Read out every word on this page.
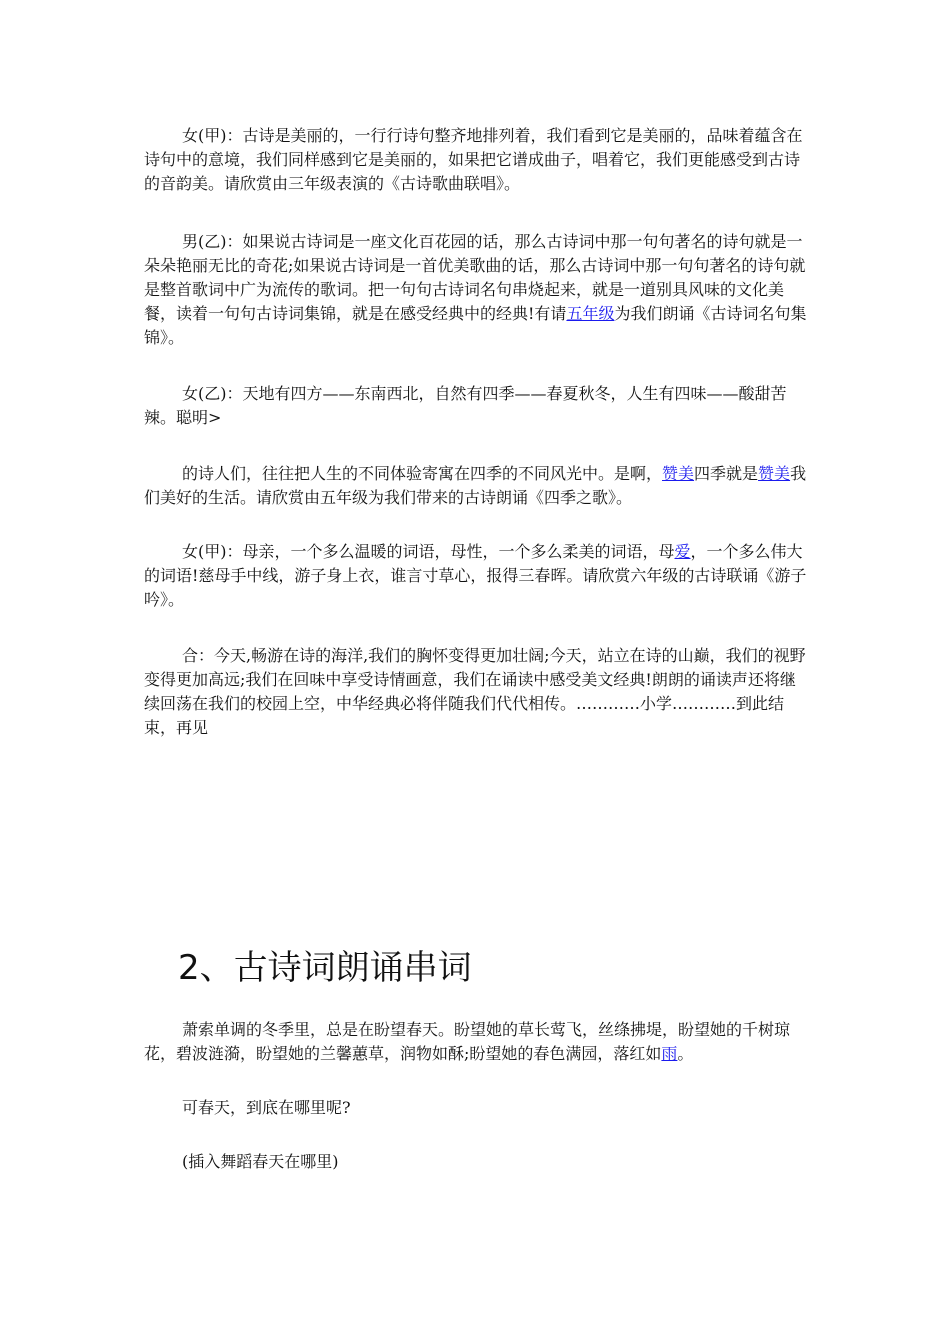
女(甲)：古诗是美丽的，一行行诗句整齐地排列着，我们看到它是美丽的，品味着蕴含在诗句中的意境，我们同样感到它是美丽的，如果把它谱成曲子，唱着它，我们更能感受到古诗的音韵美。请欣赏由三年级表演的《古诗歌曲联唱》。

男(乙)：如果说古诗词是一座文化百花园的话，那么古诗词中那一句句著名的诗句就是一朵朵艳丽无比的奇花;如果说古诗词是一首优美歌曲的话，那么古诗词中那一句句著名的诗句就是整首歌词中广为流传的歌词。把一句句古诗词名句串烧起来，就是一道别具风味的文化美餐，读着一句句古诗词集锦，就是在感受经典中的经典!有请五年级为我们朗诵《古诗词名句集锦》。

女(乙)：天地有四方——东南西北，自然有四季——春夏秋冬，人生有四味——酸甜苦辣。聪明>

的诗人们，往往把人生的不同体验寄寓在四季的不同风光中。是啊，赞美四季就是赞美我们美好的生活。请欣赏由五年级为我们带来的古诗朗诵《四季之歌》。

女(甲)：母亲，一个多么温暖的词语，母性，一个多么柔美的词语，母爱，一个多么伟大的词语!慈母手中线，游子身上衣，谁言寸草心，报得三春晖。请欣赏六年级的古诗联诵《游子吟》。

合：今天,畅游在诗的海洋,我们的胸怀变得更加壮阔;今天，站立在诗的山巅，我们的视野变得更加高远;我们在回味中享受诗情画意，我们在诵读中感受美文经典!朗朗的诵读声还将继续回荡在我们的校园上空，中华经典必将伴随我们代代相传。…………小学…………到此结束，再见

2、古诗词朗诵串词

萧索单调的冬季里，总是在盼望春天。盼望她的草长莺飞，丝绦拂堤，盼望她的千树琼花，碧波涟漪，盼望她的兰馨蕙草，润物如酥;盼望她的春色满园，落红如雨。

可春天，到底在哪里呢?

(插入舞蹈春天在哪里)
